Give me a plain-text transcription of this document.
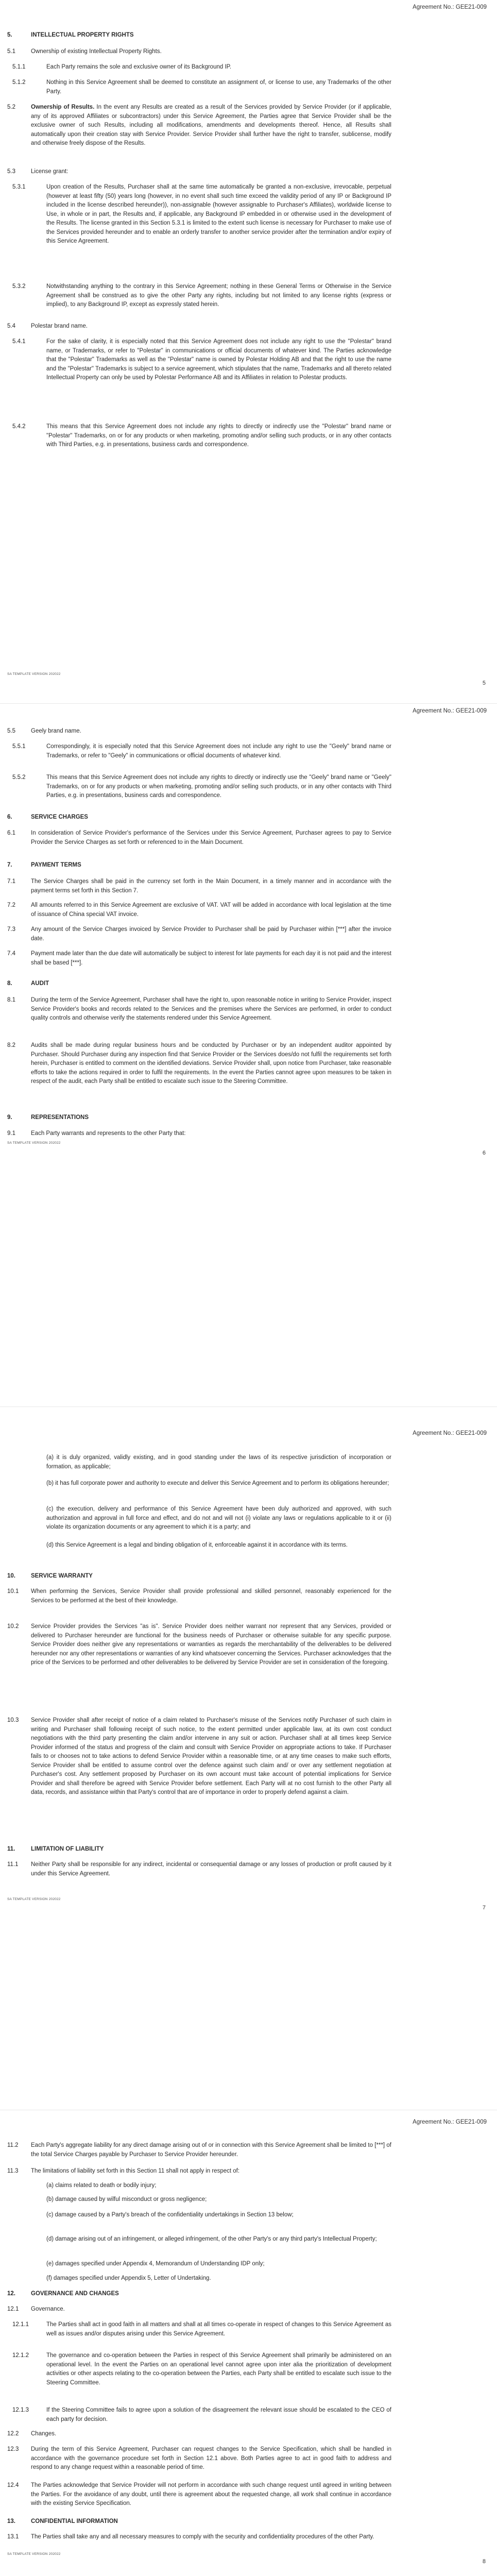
Agreement No.: GEE21-009
5.	INTELLECTUAL PROPERTY RIGHTS
5.1	Ownership of existing Intellectual Property Rights.
5.1.1	Each Party remains the sole and exclusive owner of its Background IP.
5.1.2	Nothing in this Service Agreement shall be deemed to constitute an assignment of, or license to use, any Trademarks of the other Party.
5.2	Ownership of Results. In the event any Results are created as a result of the Services provided by Service Provider (or if applicable, any of its approved Affiliates or subcontractors) under this Service Agreement, the Parties agree that Service Provider shall be the exclusive owner of such Results, including all modifications, amendments and developments thereof. Hence, all Results shall automatically upon their creation stay with Service Provider. Service Provider shall further have the right to transfer, sublicense, modify and otherwise freely dispose of the Results.
5.3	License grant:
5.3.1	Upon creation of the Results, Purchaser shall at the same time automatically be granted a non-exclusive, irrevocable, perpetual (however at least fifty (50) years long (however, in no event shall such time exceed the validity period of any IP or Background IP included in the license described hereunder)), non-assignable (however assignable to Purchaser's Affiliates), worldwide license to Use, in whole or in part, the Results and, if applicable, any Background IP embedded in or otherwise used in the development of the Results. The license granted in this Section 5.3.1 is limited to the extent such license is necessary for Purchaser to make use of the Services provided hereunder and to enable an orderly transfer to another service provider after the termination and/or expiry of this Service Agreement.
5.3.2	Notwithstanding anything to the contrary in this Service Agreement; nothing in these General Terms or Otherwise in the Service Agreement shall be construed as to give the other Party any rights, including but not limited to any license rights (express or implied), to any Background IP, except as expressly stated herein.
5.4	Polestar brand name.
5.4.1	For the sake of clarity, it is especially noted that this Service Agreement does not include any right to use the "Polestar" brand name, or Trademarks, or refer to "Polestar" in communications or official documents of whatever kind. The Parties acknowledge that the "Polestar" Trademarks as well as the "Polestar" name is owned by Polestar Holding AB and that the right to use the name and the "Polestar" Trademarks is subject to a service agreement, which stipulates that the name, Trademarks and all thereto related Intellectual Property can only be used by Polestar Performance AB and its Affiliates in relation to Polestar products.
5.4.2	This means that this Service Agreement does not include any rights to directly or indirectly use the "Polestar" brand name or "Polestar" Trademarks, on or for any products or when marketing, promoting and/or selling such products, or in any other contacts with Third Parties, e.g. in presentations, business cards and correspondence.
SA TEMPLATE VERSION 202022
5
Agreement No.: GEE21-009
5.5	Geely brand name.
5.5.1	Correspondingly, it is especially noted that this Service Agreement does not include any right to use the "Geely" brand name or Trademarks, or refer to "Geely" in communications or official documents of whatever kind.
5.5.2	This means that this Service Agreement does not include any rights to directly or indirectly use the "Geely" brand name or "Geely" Trademarks, on or for any products or when marketing, promoting and/or selling such products, or in any other contacts with Third Parties, e.g. in presentations, business cards and correspondence.
6.	SERVICE CHARGES
6.1	In consideration of Service Provider's performance of the Services under this Service Agreement, Purchaser agrees to pay to Service Provider the Service Charges as set forth or referenced to in the Main Document.
7.	PAYMENT TERMS
7.1	The Service Charges shall be paid in the currency set forth in the Main Document, in a timely manner and in accordance with the payment terms set forth in this Section 7.
7.2	All amounts referred to in this Service Agreement are exclusive of VAT. VAT will be added in accordance with local legislation at the time of issuance of China special VAT invoice.
7.3	Any amount of the Service Charges invoiced by Service Provider to Purchaser shall be paid by Purchaser within [***] after the invoice date.
7.4	Payment made later than the due date will automatically be subject to interest for late payments for each day it is not paid and the interest shall be based [***].
8.	AUDIT
8.1	During the term of the Service Agreement, Purchaser shall have the right to, upon reasonable notice in writing to Service Provider, inspect Service Provider's books and records related to the Services and the premises where the Services are performed, in order to conduct quality controls and otherwise verify the statements rendered under this Service Agreement.
8.2	Audits shall be made during regular business hours and be conducted by Purchaser or by an independent auditor appointed by Purchaser. Should Purchaser during any inspection find that Service Provider or the Services does/do not fulfil the requirements set forth herein, Purchaser is entitled to comment on the identified deviations. Service Provider shall, upon notice from Purchaser, take reasonable efforts to take the actions required in order to fulfil the requirements. In the event the Parties cannot agree upon measures to be taken in respect of the audit, each Party shall be entitled to escalate such issue to the Steering Committee.
9.	REPRESENTATIONS
9.1	Each Party warrants and represents to the other Party that:
SA TEMPLATE VERSION 202022
6
Agreement No.: GEE21-009
(a) it is duly organized, validly existing, and in good standing under the laws of its respective jurisdiction of incorporation or formation, as applicable;
(b) it has full corporate power and authority to execute and deliver this Service Agreement and to perform its obligations hereunder;
(c) the execution, delivery and performance of this Service Agreement have been duly authorized and approved, with such authorization and approval in full force and effect, and do not and will not (i) violate any laws or regulations applicable to it or (ii) violate its organization documents or any agreement to which it is a party; and
(d) this Service Agreement is a legal and binding obligation of it, enforceable against it in accordance with its terms.
10.	SERVICE WARRANTY
10.1 When performing the Services, Service Provider shall provide professional and skilled personnel, reasonably experienced for the Services to be performed at the best of their knowledge.
10.2 Service Provider provides the Services "as is". Service Provider does neither warrant nor represent that any Services, provided or delivered to Purchaser hereunder are functional for the business needs of Purchaser or otherwise suitable for any specific purpose. Service Provider does neither give any representations or warranties as regards the merchantability of the deliverables to be delivered hereunder nor any other representations or warranties of any kind whatsoever concerning the Services. Purchaser acknowledges that the price of the Services to be performed and other deliverables to be delivered by Service Provider are set in consideration of the foregoing.
10.3 Service Provider shall after receipt of notice of a claim related to Purchaser's misuse of the Services notify Purchaser of such claim in writing and Purchaser shall following receipt of such notice, to the extent permitted under applicable law, at its own cost conduct negotiations with the third party presenting the claim and/or intervene in any suit or action. Purchaser shall at all times keep Service Provider informed of the status and progress of the claim and consult with Service Provider on appropriate actions to take. If Purchaser fails to or chooses not to take actions to defend Service Provider within a reasonable time, or at any time ceases to make such efforts, Service Provider shall be entitled to assume control over the defence against such claim and/ or over any settlement negotiation at Purchaser's cost. Any settlement proposed by Purchaser on its own account must take account of potential implications for Service Provider and shall therefore be agreed with Service Provider before settlement. Each Party will at no cost furnish to the other Party all data, records, and assistance within that Party's control that are of importance in order to properly defend against a claim.
11.	LIMITATION OF LIABILITY
11.1 Neither Party shall be responsible for any indirect, incidental or consequential damage or any losses of production or profit caused by it under this Service Agreement.
SA TEMPLATE VERSION 202022
7
Agreement No.: GEE21-009
11.2 Each Party's aggregate liability for any direct damage arising out of or in connection with this Service Agreement shall be limited to [***] of the total Service Charges payable by Purchaser to Service Provider hereunder.
11.3 The limitations of liability set forth in this Section 11 shall not apply in respect of:
(a) claims related to death or bodily injury;
(b) damage caused by wilful misconduct or gross negligence;
(c) damage caused by a Party's breach of the confidentiality undertakings in Section 13 below;
(d) damage arising out of an infringement, or alleged infringement, of the other Party's or any third party's Intellectual Property;
(e) damages specified under Appendix 4, Memorandum of Understanding IDP only;
(f) damages specified under Appendix 5, Letter of Undertaking.
12.	GOVERNANCE AND CHANGES
12.1 Governance.
12.1.1	The Parties shall act in good faith in all matters and shall at all times co-operate in respect of changes to this Service Agreement as well as issues and/or disputes arising under this Service Agreement.
12.1.2	The governance and co-operation between the Parties in respect of this Service Agreement shall primarily be administered on an operational level. In the event the Parties on an operational level cannot agree upon inter alia the prioritization of development activities or other aspects relating to the co-operation between the Parties, each Party shall be entitled to escalate such issue to the Steering Committee.
12.1.3	If the Steering Committee fails to agree upon a solution of the disagreement the relevant issue should be escalated to the CEO of each party for decision.
12.2 Changes.
12.3 During the term of this Service Agreement, Purchaser can request changes to the Service Specification, which shall be handled in accordance with the governance procedure set forth in Section 12.1 above. Both Parties agree to act in good faith to address and respond to any change request within a reasonable period of time.
12.4 The Parties acknowledge that Service Provider will not perform in accordance with such change request until agreed in writing between the Parties. For the avoidance of any doubt, until there is agreement about the requested change, all work shall continue in accordance with the existing Service Specification.
13.	CONFIDENTIAL INFORMATION
13.1 The Parties shall take any and all necessary measures to comply with the security and confidentiality procedures of the other Party.
SA TEMPLATE VERSION 202022
8
